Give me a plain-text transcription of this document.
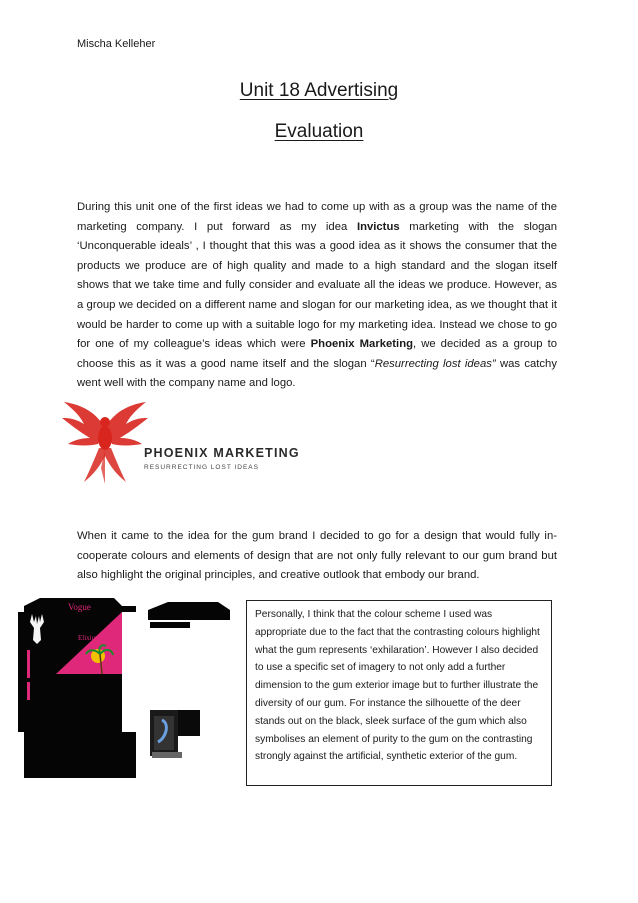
Mischa Kelleher
Unit 18 Advertising
Evaluation
During this unit one of the first ideas we had to come up with as a group was the name of the marketing company. I put forward as my idea Invictus marketing with the slogan ‘Unconquerable ideals’ , I thought that this was a good idea as it shows the consumer that the products we produce are of high quality and made to a high standard and the slogan itself shows that we take time and fully consider and evaluate all the ideas we produce. However, as a group we decided on a different name and slogan for our marketing idea, as we thought that it would be harder to come up with a suitable logo for my marketing idea. Instead we chose to go for one of my colleague’s ideas which were Phoenix Marketing, we decided as a group to choose this as it was a good name itself and the slogan “Resurrecting lost ideas” was catchy went well with the company name and logo.
PHOENIX MARKETING
RESURRECTING LOST IDEAS
When it came to the idea for the gum brand I decided to go for a design that would fully in-cooperate colours and elements of design that are not only fully relevant to our gum brand but also highlight the original principles, and creative outlook that embody our brand.
Vogue
Elixium
Personally, I think that the colour scheme I used was appropriate due to the fact that the contrasting colours highlight what the gum represents ‘exhilaration’. However I also decided to use a specific set of imagery to not only add a further dimension to the gum exterior image but to further illustrate the diversity of our gum. For instance the silhouette of the deer stands out on the black, sleek surface of the gum which also symbolises an element of purity to the gum on the contrasting strongly against the artificial, synthetic exterior of the gum.
